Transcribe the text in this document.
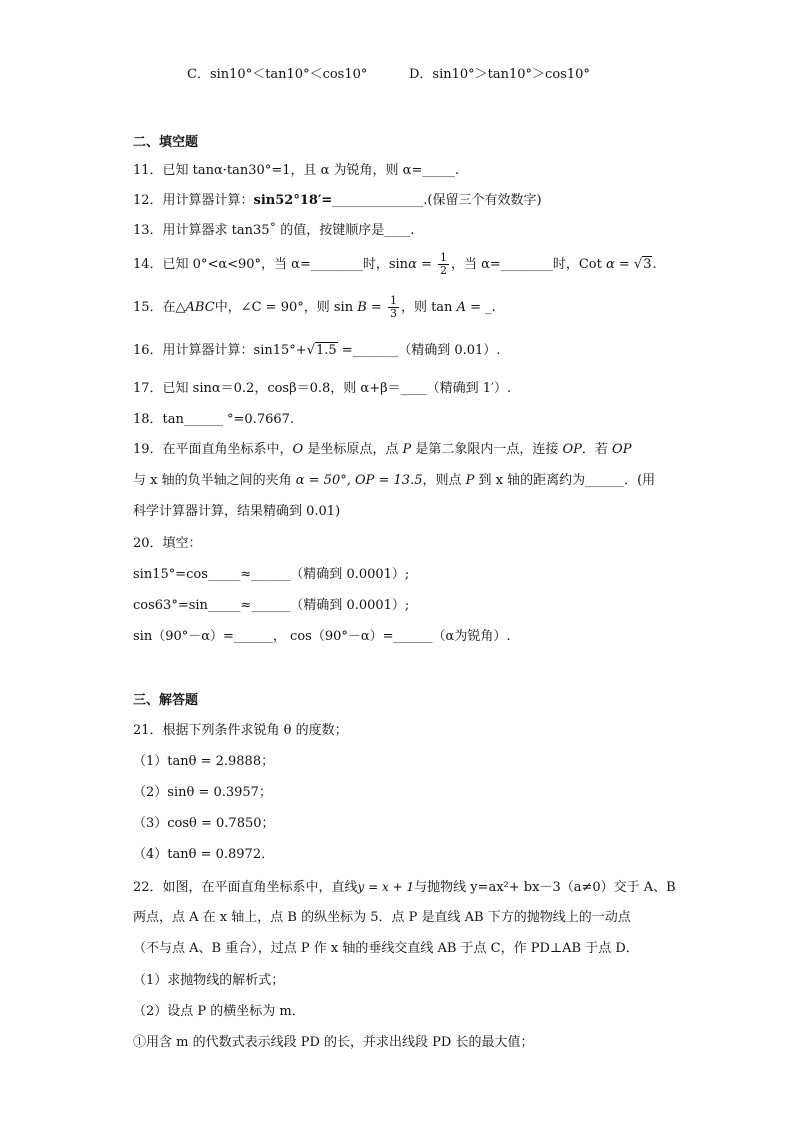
C．sin10°＜tan10°＜cos10°	D．sin10°＞tan10°＞cos10°
二、填空题
11．已知 tanα·tan30°=1，且 α 为锐角，则 α=_____.
12．用计算器计算：sin52°18′=______________.(保留三个有效数字)
13．用计算器求 tan35˚ 的值，按键顺序是____.
14．已知 0°<α<90°，当 α=________时，$\sin\alpha = \frac{1}{2}$ ，当 α=________时，Cot α = √3.
15．在△ABC中，∠C = 90°，则 $\sin B = \frac{1}{3}$ ，则 tan A = _.
16．用计算器计算：sin15°+√1.5 =_______（精确到 0.01）.
17．已知 sinα＝0.2，cosβ＝0.8，则 α+β＝____（精确到 1′）.
18．tan______ °=0.7667.
19．在平面直角坐标系中，O 是坐标原点，点 P 是第二象限内一点，连接 OP．若 OP
与 x 轴的负半轴之间的夹角 α = 50°, OP = 13.5，则点 P 到 x 轴的距离约为______．(用
科学计算器计算，结果精确到 0.01)
20．填空：
sin15°=cos_____≈______（精确到 0.0001）;
cos63°=sin_____≈______（精确到 0.0001）;
sin（90°－α）=______， cos（90°－α）=______（α为锐角）.
三、解答题
21．根据下列条件求锐角 θ 的度数；
（1）tanθ = 2.9888；
（2）sinθ = 0.3957；
（3）cosθ = 0.7850；
（4）tanθ = 0.8972．
22．如图，在平面直角坐标系中，直线y = x + 1与抛物线 y=ax²+ bx－3（a≠0）交于 A、B
两点，点 A 在 x 轴上，点 B 的纵坐标为 5．点 P 是直线 AB 下方的抛物线上的一动点
（不与点 A、B 重合），过点 P 作 x 轴的垂线交直线 AB 于点 C，作 PD⊥AB 于点 D．
（1）求抛物线的解析式；
（2）设点 P 的横坐标为 m．
①用含 m 的代数式表示线段 PD 的长，并求出线段 PD 长的最大值；
